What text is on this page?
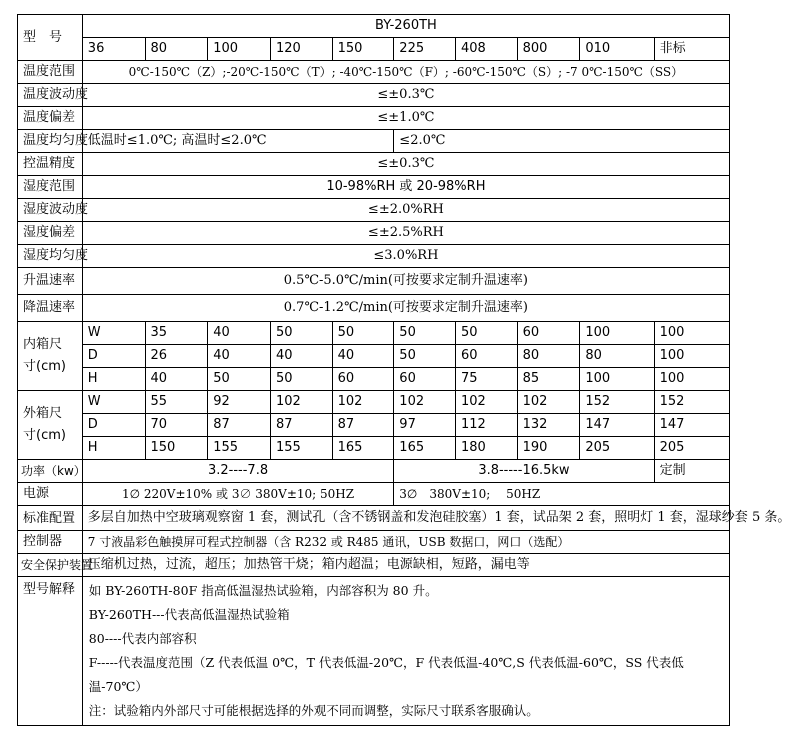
型　号	BY-260TH									
	36	80	100	120	150	225	408	800	010	非标
温度范围	0℃-150℃（Z）;-20℃-150℃（T）; -40℃-150℃（F）; -60℃-150℃（S）; -7 0℃-150℃（SS）									
温度波动度	≤±0.3℃									
温度偏差	≤±1.0℃									
温度均匀度	低温时≤1.0℃; 高温时≤2.0℃					≤2.0℃				
控温精度	≤±0.3℃									
湿度范围	10-98%RH 或 20-98%RH									
湿度波动度	≤±2.0%RH									
湿度偏差	≤±2.5%RH									
湿度均匀度	≤3.0%RH									
升温速率	0.5℃-5.0℃/min(可按要求定制升温速率)									
降温速率	0.7℃-1.2℃/min(可按要求定制升温速率)									

内箱尺
寸(cm)	W	35	40	50	50	50	50	60	100	100
	D	26	40	40	40	50	60	80	80	100
	H	40	50	50	60	60	75	85	100	100

外箱尺
寸(cm)	W	55	92	102	102	102	102	102	152	152
	D	70	87	87	87	97	112	132	147	147
	H	150	155	155	165	165	180	190	205	205
功率（kw）	3.2----7.8					3.8-----16.5kw				定制
电源	1∅ 220V±10% 或 3∅ 380V±10; 50HZ					3∅　380V±10; 　50HZ				
标准配置	多层自加热中空玻璃观察窗 1 套，测试孔（含不锈钢盖和发泡硅胶塞）1 套，试品架 2 套，照明灯 1 套，湿球纱套 5 条。									
控制器	7 寸液晶彩色触摸屏可程式控制器（含 R232 或 R485 通讯，USB 数据口，网口（选配）									
安全保护装置	压缩机过热，过流，超压；加热管干烧；箱内超温；电源缺相，短路，漏电等									
型号解释	如 BY-260TH-80F 指高低温湿热试验箱，内部容积为 80 升。
BY-260TH---代表高低温湿热试验箱
80----代表内部容积
F-----代表温度范围（Z 代表低温 0℃，T 代表低温-20℃，F 代表低温-40℃,S 代表低温-60℃，SS 代表低温-70℃）
注：试验箱内外部尺寸可能根据选择的外观不同而调整，实际尺寸联系客服确认。									
